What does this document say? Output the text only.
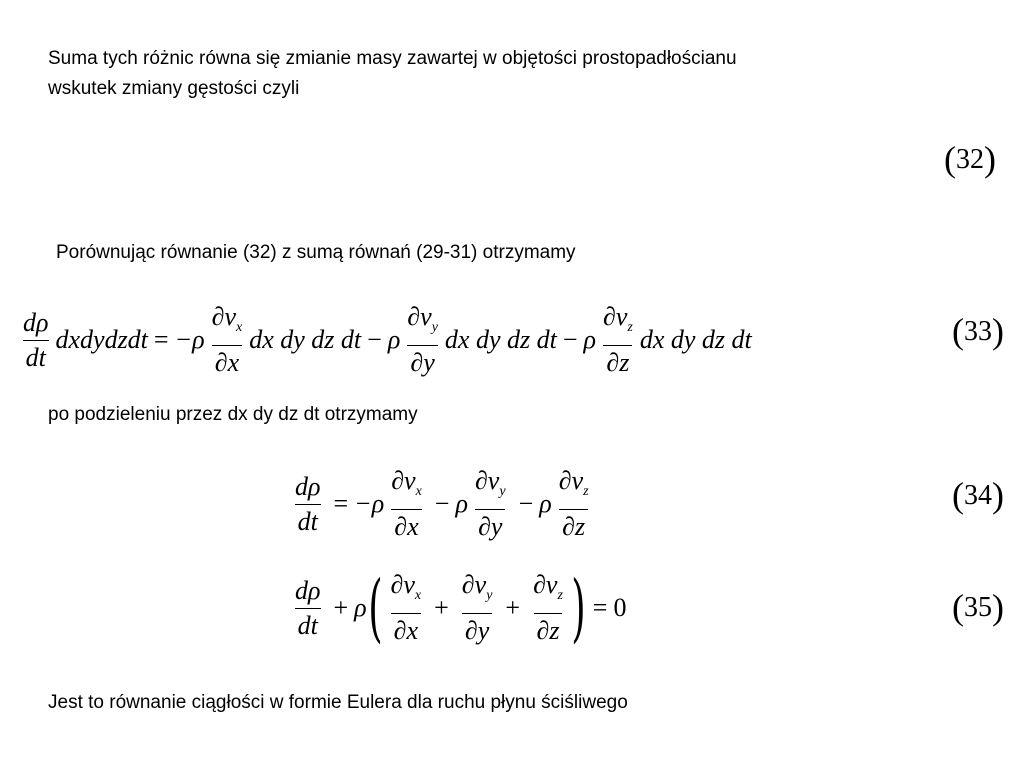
Suma tych różnic równa się zmianie masy zawartej w objętości prostopadłościanu
wskutek zmiany gęstości czyli
(32)
Porównując równanie (32) z sumą równań (29-31) otrzymamy
$\frac{d\rho}{dt}$ dxdydzdt = $-\rho \frac{\partial v_x}{\partial x}$ dx dy dz dt − ρ $\frac{\partial v_y}{\partial y}$ dx dy dz dt − ρ $\frac{\partial v_z}{\partial z}$ dx dy dz dt	(33)
po podzieleniu przez dx dy dz dt otrzymamy
$\frac{d\rho}{dt} = -\rho \frac{\partial v_x}{\partial x} - \rho \frac{\partial v_y}{\partial y} - \rho \frac{\partial v_z}{\partial z}$	(34)
$\frac{d\rho}{dt} + \rho$ ( $\frac{\partial v_x}{\partial x} + \frac{\partial v_y}{\partial y} + \frac{\partial v_z}{\partial z}$ ) = 0	(35)
Jest to równanie ciągłości w formie Eulera dla ruchu płynu ściśliwego
